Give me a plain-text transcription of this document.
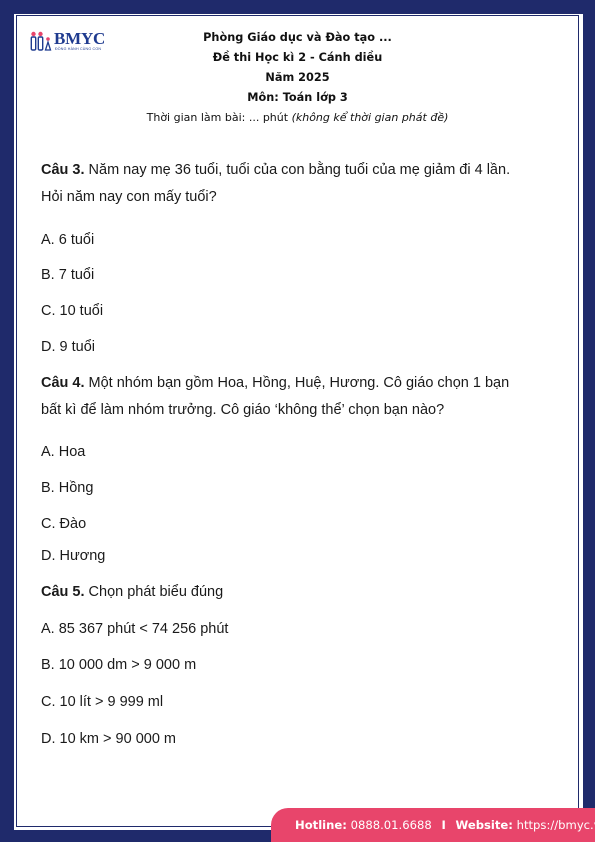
BMYC
ĐỒNG HÀNH CÙNG CON
Phòng Giáo dục và Đào tạo ...
Đề thi Học kì 2 - Cánh diều
Năm 2025
Môn: Toán lớp 3
Thời gian làm bài: ... phút (không kể thời gian phát đề)
Câu 3. Năm nay mẹ 36 tuổi, tuổi của con bằng tuổi của mẹ giảm đi 4 lần.
Hỏi năm nay con mấy tuổi?
A. 6 tuổi
B. 7 tuổi
C. 10 tuổi
D. 9 tuổi
Câu 4. Một nhóm bạn gồm Hoa, Hồng, Huệ, Hương. Cô giáo chọn 1 bạn
bất kì để làm nhóm trưởng. Cô giáo ‘không thể’ chọn bạn nào?
A. Hoa
B. Hồng
C. Đào
D. Hương
Câu 5. Chọn phát biểu đúng
A. 85 367 phút < 74 256 phút
B. 10 000 dm > 9 000 m
C. 10 lít > 9 999 ml
D. 10 km > 90 000 m
Hotline: 0888.01.6688 I Website: https://bmyc.vn
